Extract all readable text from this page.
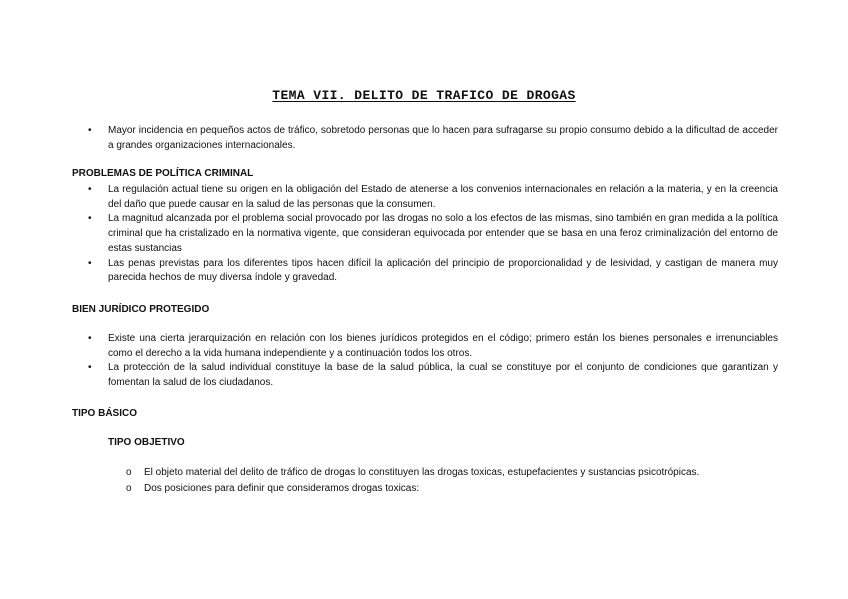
TEMA VII. DELITO DE TRAFICO DE DROGAS
• Mayor incidencia en pequeños actos de tráfico, sobretodo personas que lo hacen para sufragarse su propio consumo debido a la dificultad de acceder a grandes organizaciones internacionales.
PROBLEMAS DE POLÍTICA CRIMINAL
• La regulación actual tiene su origen en la obligación del Estado de atenerse a los convenios internacionales en relación a la materia, y en la creencia del daño que puede causar en la salud de las personas que la consumen.
• La magnitud alcanzada por el problema social provocado por las drogas no solo a los efectos de las mismas, sino también en gran medida a la política criminal que ha cristalizado en la normativa vigente, que consideran equivocada por entender que se basa en una feroz criminalización del entorno de estas sustancias
• Las penas previstas para los diferentes tipos hacen difícil la aplicación del principio de proporcionalidad y de lesividad, y castigan de manera muy parecida hechos de muy diversa índole y gravedad.
BIEN JURÍDICO PROTEGIDO
• Existe una cierta jerarquización en relación con los bienes jurídicos protegidos en el código; primero están los bienes personales e irrenunciables como el derecho a la vida humana independiente y a continuación todos los otros.
• La protección de la salud individual constituye la base de la salud pública, la cual se constituye por el conjunto de condiciones que garantizan y fomentan la salud de los ciudadanos.
TIPO BÁSICO
TIPO OBJETIVO
o El objeto material del delito de tráfico de drogas lo constituyen las drogas toxicas, estupefacientes y sustancias psicotrópicas.
o Dos posiciones para definir que consideramos drogas toxicas:
